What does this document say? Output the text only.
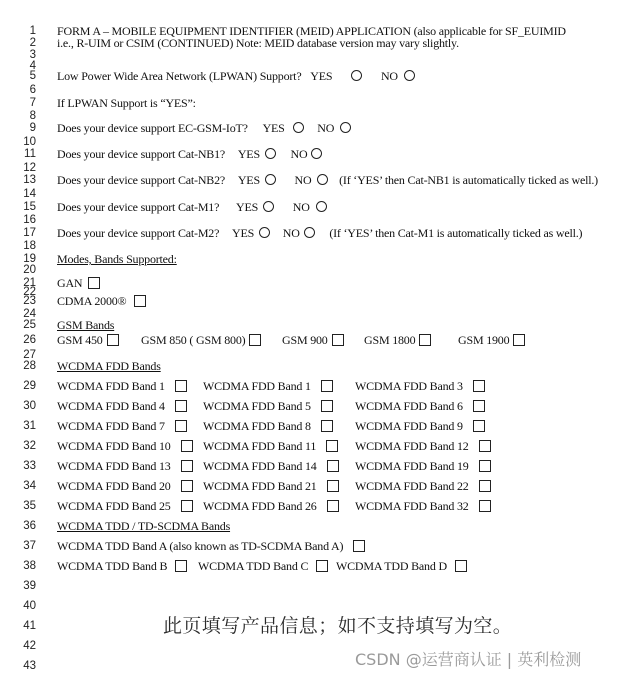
1
2
3
4
5
6
7
8
9
10
11
12
13
14
15
16
17
18
19
20
21
22
23
24
25
26
27
28
29
30
31
32
33
34
35
36
37
38
39
40
41
42
43
FORM A – MOBILE EQUIPMENT IDENTIFIER (MEID) APPLICATION (also applicable for SF_EUIMID
i.e., R-UIM or CSIM (CONTINUED) Note: MEID database version may vary slightly.
Low Power Wide Area Network (LPWAN) Support? YES	NO
If LPWAN Support is “YES”:
Does your device support EC-GSM-IoT? YES	NO
Does your device support Cat-NB1? YES	NO
Does your device support Cat-NB2? YES	NO (If ‘YES’ then Cat-NB1 is automatically ticked as well.)
Does your device support Cat-M1? YES	NO
Does your device support Cat-M2? YES NO (If ‘YES’ then Cat-M1 is automatically ticked as well.)
Modes, Bands Supported:
GAN
CDMA 2000®
GSM Bands
GSM 450	GSM 850 ( GSM 800)	GSM 900	GSM 1800	GSM 1900
WCDMA FDD Bands
WCDMA FDD Band 1	WCDMA FDD Band 1	WCDMA FDD Band 3
WCDMA FDD Band 4	WCDMA FDD Band 5	WCDMA FDD Band 6
WCDMA FDD Band 7	WCDMA FDD Band 8	WCDMA FDD Band 9
WCDMA FDD Band 10	WCDMA FDD Band 11	WCDMA FDD Band 12
WCDMA FDD Band 13	WCDMA FDD Band 14	WCDMA FDD Band 19
WCDMA FDD Band 20	WCDMA FDD Band 21	WCDMA FDD Band 22
WCDMA FDD Band 25	WCDMA FDD Band 26	WCDMA FDD Band 32
WCDMA TDD / TD-SCDMA Bands
WCDMA TDD Band A (also known as TD-SCDMA Band A)
WCDMA TDD Band B	WCDMA TDD Band C	WCDMA TDD Band D
此页填写产品信息；如不支持填写为空。
CSDN @运营商认证 | 英利检测
